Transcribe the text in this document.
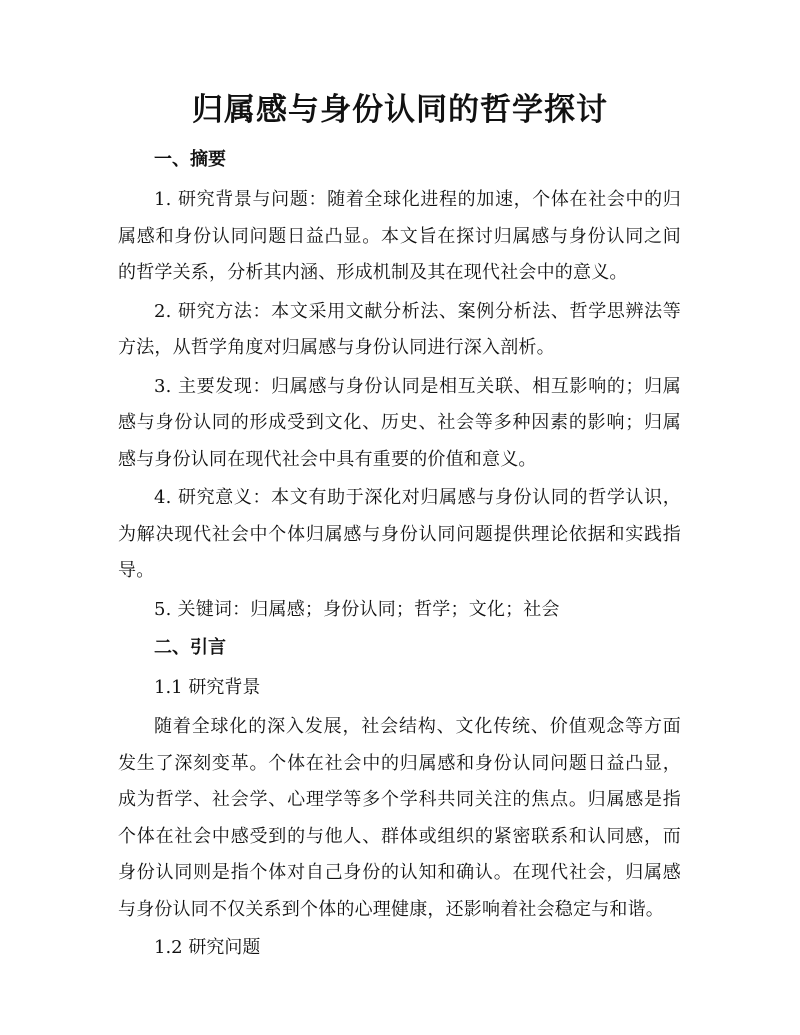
归属感与身份认同的哲学探讨
一、摘要

1. 研究背景与问题：随着全球化进程的加速，个体在社会中的归属感和身份认同问题日益凸显。本文旨在探讨归属感与身份认同之间的哲学关系，分析其内涵、形成机制及其在现代社会中的意义。

2. 研究方法：本文采用文献分析法、案例分析法、哲学思辨法等方法，从哲学角度对归属感与身份认同进行深入剖析。

3. 主要发现：归属感与身份认同是相互关联、相互影响的；归属感与身份认同的形成受到文化、历史、社会等多种因素的影响；归属感与身份认同在现代社会中具有重要的价值和意义。

4. 研究意义：本文有助于深化对归属感与身份认同的哲学认识，为解决现代社会中个体归属感与身份认同问题提供理论依据和实践指导。

5. 关键词：归属感；身份认同；哲学；文化；社会

二、引言
1.1 研究背景

随着全球化的深入发展，社会结构、文化传统、价值观念等方面发生了深刻变革。个体在社会中的归属感和身份认同问题日益凸显，成为哲学、社会学、心理学等多个学科共同关注的焦点。归属感是指个体在社会中感受到的与他人、群体或组织的紧密联系和认同感，而身份认同则是指个体对自己身份的认知和确认。在现代社会，归属感与身份认同不仅关系到个体的心理健康，还影响着社会稳定与和谐。

1.2 研究问题
